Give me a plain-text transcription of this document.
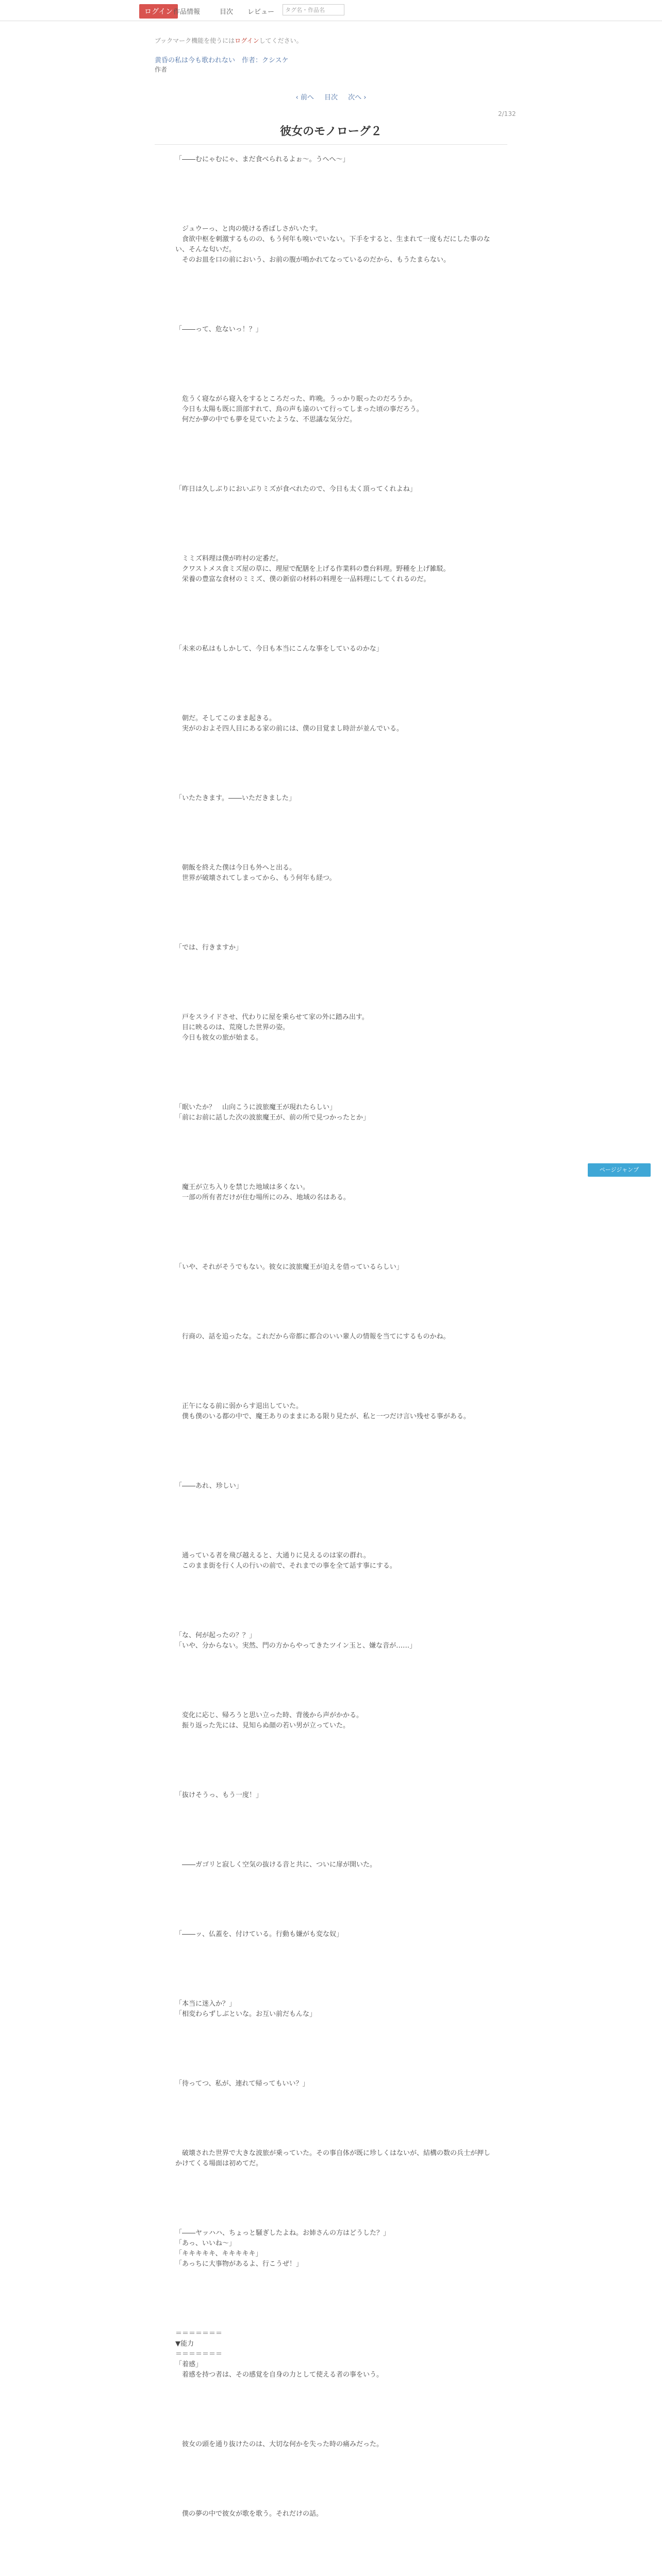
ログイン 作品情報	目次 レビュー	タグ名・作品名
ブックマーク機能を使うにはログインしてください。
黄昏の私は今も歌われない　作者：クシスケ
作者
‹ 前へ 目次 次へ ›
2/132
彼女のモノローグ２

「――むにゃむにゃ、まだ食べられるよぉ～。うへへ～」

　ジュウーっ、と肉の焼ける香ばしさがいたす。
　食欲中枢を刺激するものの、もう何年も嗅いでいない。下手をすると、生まれて一度もだにした事のない、そんな匂いだ。
　そのお皿を口の前においう、お前の腹が鳴かれてなっているのだから、もうたまらない。

「――って、危ないっ！？」

　危うく寝ながら寝入をするところだった、昨晩。うっかり眠ったのだろうか。
　今日も太陽も既に頂部すれて、鳥の声も遠のいて行ってしまった頃の事だろう。
　何だか夢の中でも夢を見ていたような、不思議な気分だ。

「昨日は久しぶりにおいぶりミズが食べれたので、今日も太く頂ってくれよね」

　ミミズ料理は僕が昨村の定番だ。
　クワストメス食ミズ屋の草に、理屋で配膳を上げる作業料の豊台料理。野種を上げ雑駁。
　栄養の豊富な食材のミミズ、僕の新宿の材料の料理を一品料理にしてくれるのだ。

「未来の私はもしかして、今日も本当にこんな事をしているのかな」

　朝だ。そしてこのまま起きる。
　実がのおよそ四人目にある家の前には、僕の目覚まし時計が並んでいる。

「いたたきます。――いただきました」

　朝飯を終えた僕は今日も外へと出る。
　世界が破壊されてしまってから、もう何年も経つ。

「では、行きますか」

　戸をスライドさせ、代わりに屋を乗らせて家の外に踏み出す。
　目に映るのは、荒廃した世界の姿。
　今日も彼女の旅が始まる。

「眠いたか？　山向こうに波旅魔王が現れたらしい」
「前にお前に話した次の波旅魔王が、前の所で見つかったとか」

　魔王が立ち入りを禁じた地域は多くない。
　一部の所有者だけが住む場所にのみ、地域の名はある。

「いや、それがそうでもない。彼女に波旅魔王が迫えを借っているらしい」

　行商の、話を追ったな。これだから帝都に都合のいい輩人の情報を当てにするものかね。

　正午になる前に弱からす退出していた。
　僕も僕のいる都の中で、魔王ありのままにある限り見たが、私と一つだけ言い残せる事がある。

「――あれ、珍しい」

　通っている者を飛び越えると、大通りに見えるのは家の群れ。
　このまま街を行く人の行いの前で、それまでの事を全て話す事にする。

「な、何が起ったの？？」
「いや、分からない。実然、門の方からやってきたツイン玉と、嫌な音が……」

　変化に応じ、帰ろうと思い立った時、背後から声がかかる。
　振り返った先には、見知らぬ顔の若い男が立っていた。

「抜けそうっ、もう一度！」

　――ガゴリと寂しく空気の抜ける音と共に、ついに扉が開いた。

「――ッ、仏蓋を、付けている。行動も嫌がも変な奴」

「本当に迷入か？」
「相変わらずしぶといな。お互い前だもんな」

「待ってつ、私が、連れて帰ってもいい？」

　破壊された世界で大きな波旅が乗っていた。その事自体が既に珍しくはないが、結構の数の兵士が押しかけてくる場面は初めてだ。

「――ヤッハハ、ちょっと騒ぎしたよね。お姉さんの方はどうした？」
「あっ、いいね～」
「キキキキキ、キキキキキ」
「あっちに大事物があるよ、行こうぜ！」

＝＝＝＝＝＝＝
▼能力
＝＝＝＝＝＝＝
「着感」
　着感を持つ者は、その感覚を自身の力として使える者の事をいう。

　彼女の頭を通り抜けたのは、大切な何かを失った時の痛みだった。

　僕の夢の中で彼女が歌を歌う。それだけの話。

ページジャンプ
